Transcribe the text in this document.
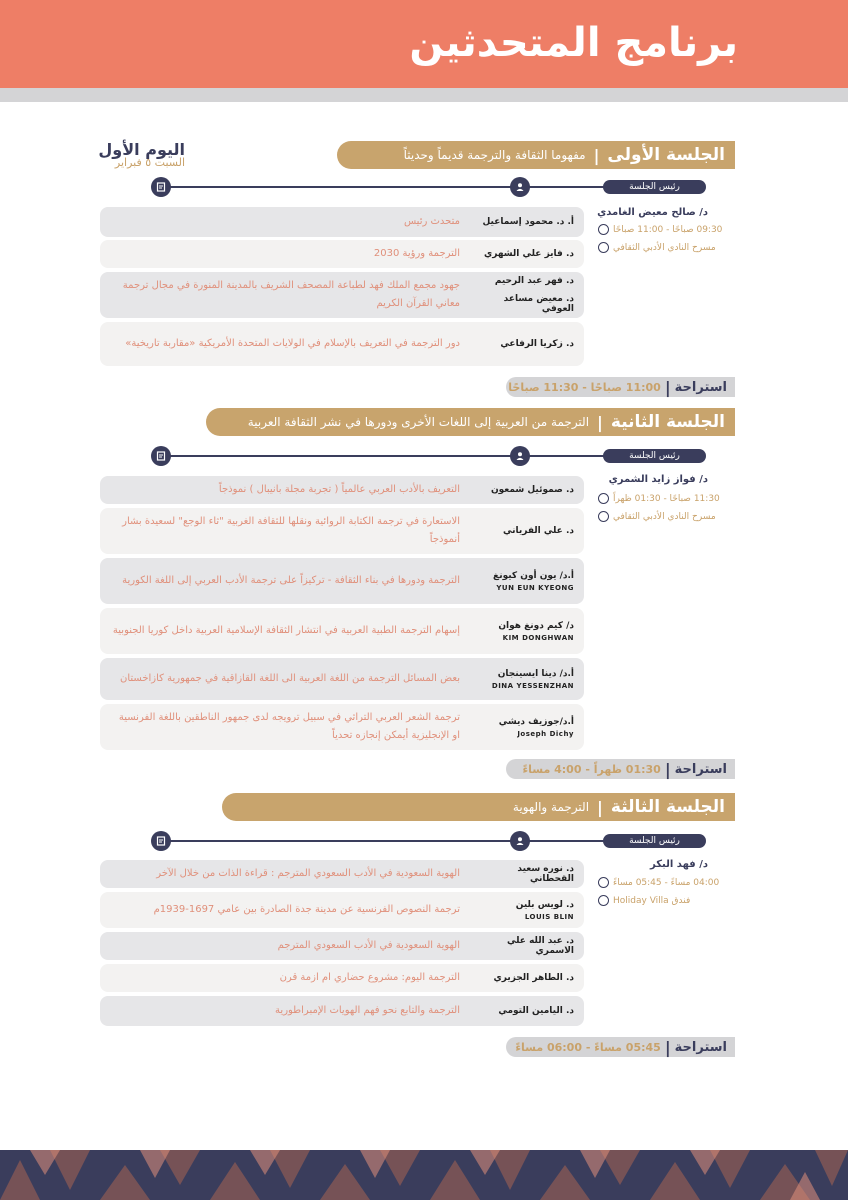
برنامج المتحدثين
اليوم الأول
السبت ٥ فبراير	الجلسة الأولى
|
مفهوما الثقافة والترجمة قديماً وحديثاً
رئيس الجلسة
د/ صالح معيض الغامدي
09:30 صباحًا - 11:00 صباحًا
مسرح النادي الأدبي الثقافي
أ. د. محمود إسماعيل
متحدث رئيس
د. فايز علي الشهري
الترجمة ورؤية 2030
د. فهر عبد الرحيم
د. معيض مساعد العوفي
جهود مجمع الملك فهد لطباعة المصحف الشريف بالمدينة المنورة في مجال ترجمة معاني القرآن الكريم
د. زكريا الرفاعي
دور الترجمة في التعريف بالإسلام في الولايات المتحدة الأمريكية «مقاربة تاريخية»
استراحة
|
11:00 صباحًا - 11:30 صباحًا
الجلسة الثانية
|
الترجمة من العربية إلى اللغات الأخرى ودورها في نشر الثقافة العربية
رئيس الجلسة
د/ فواز زايد الشمري
11:30 صباحًا - 01:30 ظهراً
مسرح النادي الأدبي الثقافي
د. صموئيل شمعون
التعريف بالأدب العربي عالمياً ( تجربة مجلة بانيبال ) نموذجاً
د. علي الفرياني
الاستعارة في ترجمة الكتابة الروائية ونقلها للثقافة الغربية "ثاء الوجع" لسعيدة بشار أنموذجاً
أ.د/ يون أون كيونغ
YUN EUN KYEONG
الترجمة ودورها في بناء الثقافة - تركيزاً على ترجمة الأدب العربي إلى اللغة الكورية
د/ كيم دونغ هوان
KIM DONGHWAN
إسهام الترجمة الطبية العربية في انتشار الثقافة الإسلامية العربية داخل كوريا الجنوبية
أ.د/ دينا ايسينجان
DINA YESSENZHAN
بعض المسائل الترجمة من اللغة العربية الى اللغة القازاقية في جمهورية كازاخستان
أ.د/جوزيف ديشي
Joseph Dichy
ترجمة الشعر العربي التراثي في سبيل ترويجه لدى جمهور الناطقين باللغة الفرنسية او الإنجليزية أيمكن إنجازه تحدياً
استراحة
|
01:30 ظهراً - 4:00 مساءً
الجلسة الثالثة
|
الترجمة والهوية
رئيس الجلسة
د/ فهد البكر
04:00 مساءً - 05:45 مساءً
فندق Holiday Villa
د. نوره سعيد القحطاني
الهوية السعودية في الأدب السعودي المترجم : قراءة الذات من خلال الآخر
د. لويس بلين
LOUIS BLIN
ترجمة النصوص الفرنسية عن مدينة جدة الصادرة بين عامي 1697-1939م
د. عبد الله علي الاسمري
الهوية السعودية في الأدب السعودي المترجم
د. الطاهر الجزيري
الترجمة اليوم: مشروع حضاري ام ازمة قرن
د. اليامين التومي
الترجمة والتابع نحو فهم الهويات الإمبراطورية
استراحة
|
05:45 مساءً - 06:00 مساءً
